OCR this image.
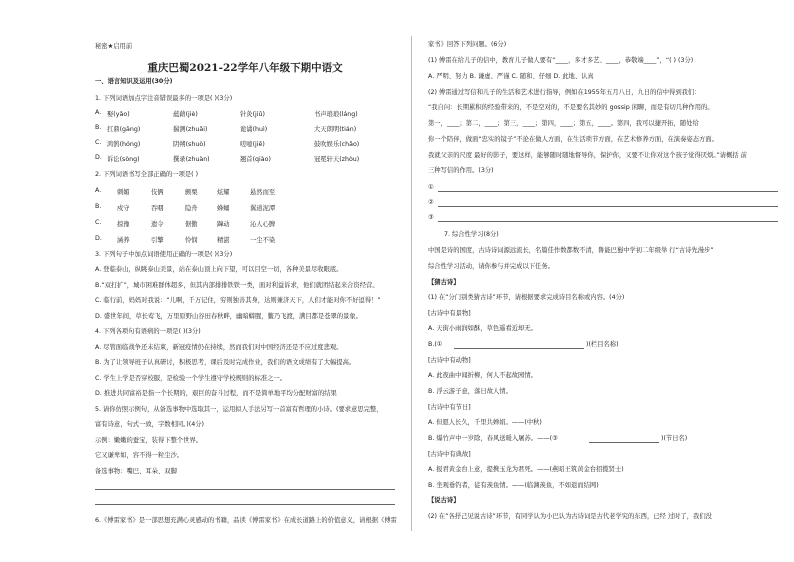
秘密★启用前
重庆巴蜀2021-22学年八年级下期中语文
一、语言知识及运用(30分)
1. 下列词语加点字注音错误最多的一项是( )(3分)
A. 娶(yǎo)	蕴藉(jiè)	针灸(jiǔ)	书声琅琅(láng)
B. 扛鼎(gāng)	揣测(zhuǎi)	诡谲(huì)	大天朗明(tián)
C. 鸿鹄(hóng)	阴朔(shuò)	嗟噫(jiē)	鼓吹娱乐(chǎo)
D. 诉讼(sòng)	撰录(zhuàn)	翘首(qiào)	冠冕轩天(zhòu)
2. 下列词语书写全部正确的一项是( )
A.	刺媚	伎俩	颤栗	炫耀	悬然而至
B. 戍守	吞咽	隐舟	蜂蛹	翼道泥潭
C. 掠豫	遗令	倨傲	蹿动	沁人心脾
D. 涵养	引擎	怜悯	精湛	一尘不染
3. 下列句子中加点词语使用正确的一项是( )(3分)
A. 登临泰山，纵眺泰山美景，站在泰山顶上向下望，可以目空一切，各种美景尽收眼底。
B.“双打扩”，城市困难群体超多，但其内部排排铁铁一类，面对利益诉求，他们就团结起来合资经营。
C. 临行前，妈妈对我说：“儿啊，千万记住，穷则独善其身，达则兼济天下，人们才能对你不好逗得！”
D. 盛世年间，草长莺飞，万里原野山谷田春秋畔，幽暗蟒腥，鳖乃飞渡，满目都是苍翠的景象。
4. 下列各项句有语病的一项是( )(3分)
A. 尽管面临战争还未结束，新冠疫情仍在持续，然而我们对中国经济还是不应过度悲观。
B. 为了让领导班子认真研讨，积极思考，课后及时完成作业，我们的语文成绩有了大幅提高。
C. 学生上学是否穿校服，是检验一个学生遵守学校规则的标准之一。
D. 推进共同富裕是指一个长期的，艰巨的奋斗过程，而不是简单地平均分配财富的结果
5. 请你仿照示例句，从备选事物中选取其一，运用拟人手法另写一首富有哲理的小诗。(要求意思完整，
富有诗意，句式一致，字数相同。)(4分)
示例：嫩嫩的蚕宝，装得下整个世界。
它又谦卑如，容不得一粒尘沙。
备选事物：嘴巴、耳朵、双脚
6.《傅雷家书》是一部思想充满心灵感动的书籍，品读《傅雷家书》在成长道路上的价值意义，请根据《傅雷
家书》回答下列问题。(6分)
(1) 傅雷在给儿子的信中，教育儿子做人要有“____，多才多艺、____，恭敬端____”，“( ) (3分)
A. 严明、努力 B. 谦虚、严谨 C. 随和、仔细 D. 此地、认真
(2) 傅雷通过写信和儿子的生活和艺术进行指导，例如在1955年五月八日，九日的信中得到我们：
“我自问：长期累积的经验带来的，不是空对的，不是要名其妙的 gossip 闲聊，而是有切几种作用的。
第一，____；第二，____；第三，____；第四，____；第五，____。第四，我可以捷开拓，随处给
你一个陪伴，做面“忠实的镜子”不论在做人方面，在生活琐节方面，在艺术修养方面，在演奏姿态方面。
我就父亲的尺度 最好的影子，要这样，能够随时随地督导你，保护你，又要不让你对这个孩子觉得厌烦。”请概括 前
三种写信的作用。(3分)
①
②
③
7. 综合性学习(8分)
中国是诗的国度，古诗诗词源远流长，名篇佳作数都数不清，鲁能巴蜀中学初二年级举 行“古诗先漫步”
综合性学习活动，请你参与并完成以下任务。
【猜古诗】
(1) 在“分门别类猜古诗”环节，请根据要求完成诗目名称或内容。(4分)
[古诗中有景物]
A. 天街小雨润如酥，草色遥看近却无。
B.(①	)(栏目名称)
[古诗中有动物]
A. 此夜曲中闻折柳，何人不起故园情。
B. 浮云游子意，落日故人情。
[古诗中有节日]
A. 但愿人长久，千里共婵娟。——(中秋)
B. 爆竹声中一岁除，春风送暖入屠苏。——(③	)(节日名)
[古诗中有典故]
A. 报君黄金台上意，提携玉龙为君死。——(燕昭王筑黄金台招揽贤士)
B. 坐观垂钓者，徒有羡鱼情。——(临渊羡鱼，不如退而结网)
【说古诗】
(2) 在“各抒己见说古诗”环节，有同学认为小巴认为古诗词是古代老学究的东西，已经 过时了，我们没
